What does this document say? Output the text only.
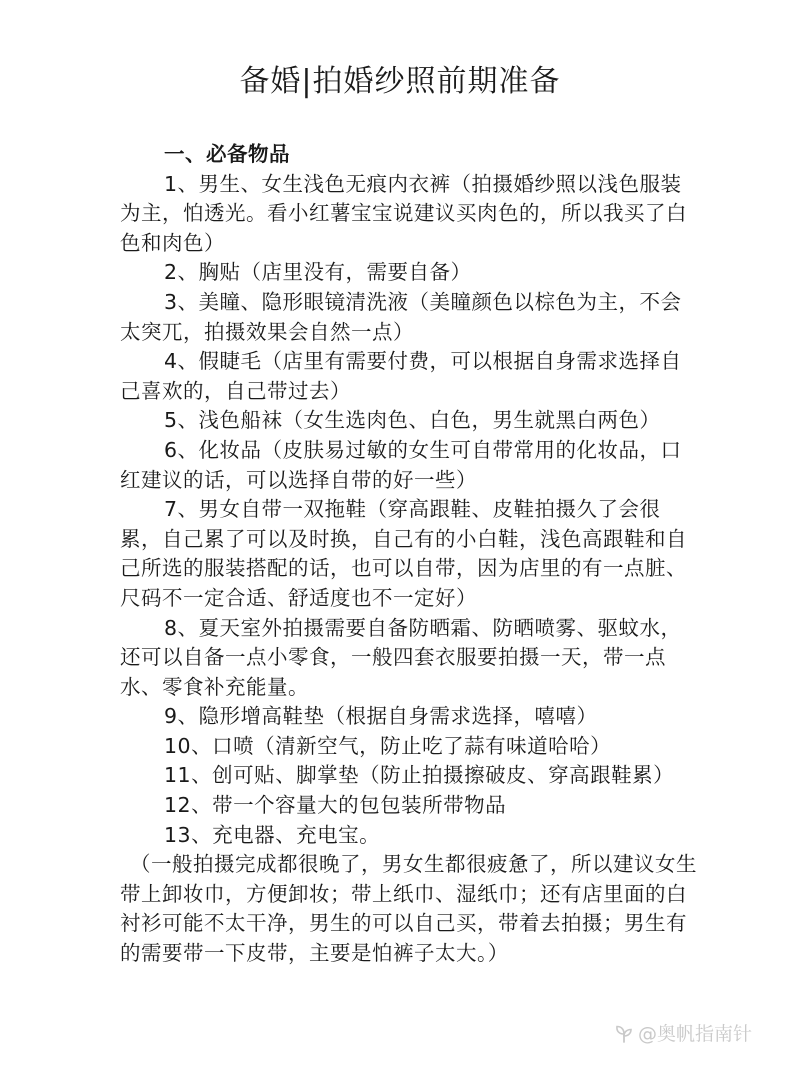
备婚|拍婚纱照前期准备

一、必备物品

1、男生、女生浅色无痕内衣裤（拍摄婚纱照以浅色服装为主，怕透光。看小红薯宝宝说建议买肉色的，所以我买了白色和肉色）

2、胸贴（店里没有，需要自备）

3、美瞳、隐形眼镜清洗液（美瞳颜色以棕色为主，不会太突兀，拍摄效果会自然一点）

4、假睫毛（店里有需要付费，可以根据自身需求选择自己喜欢的，自己带过去）

5、浅色船袜（女生选肉色、白色，男生就黑白两色）

6、化妆品（皮肤易过敏的女生可自带常用的化妆品，口红建议的话，可以选择自带的好一些）

7、男女自带一双拖鞋（穿高跟鞋、皮鞋拍摄久了会很累，自己累了可以及时换，自己有的小白鞋，浅色高跟鞋和自己所选的服装搭配的话，也可以自带，因为店里的有一点脏、尺码不一定合适、舒适度也不一定好）

8、夏天室外拍摄需要自备防晒霜、防晒喷雾、驱蚊水，还可以自备一点小零食，一般四套衣服要拍摄一天，带一点水、零食补充能量。

9、隐形增高鞋垫（根据自身需求选择，嘻嘻）

10、口喷（清新空气，防止吃了蒜有味道哈哈）

11、创可贴、脚掌垫（防止拍摄擦破皮、穿高跟鞋累）

12、带一个容量大的包包装所带物品

13、充电器、充电宝。

（一般拍摄完成都很晚了，男女生都很疲惫了，所以建议女生带上卸妆巾，方便卸妆；带上纸巾、湿纸巾；还有店里面的白衬衫可能不太干净，男生的可以自己买，带着去拍摄；男生有的需要带一下皮带，主要是怕裤子太大。）

@奥帆指南针
